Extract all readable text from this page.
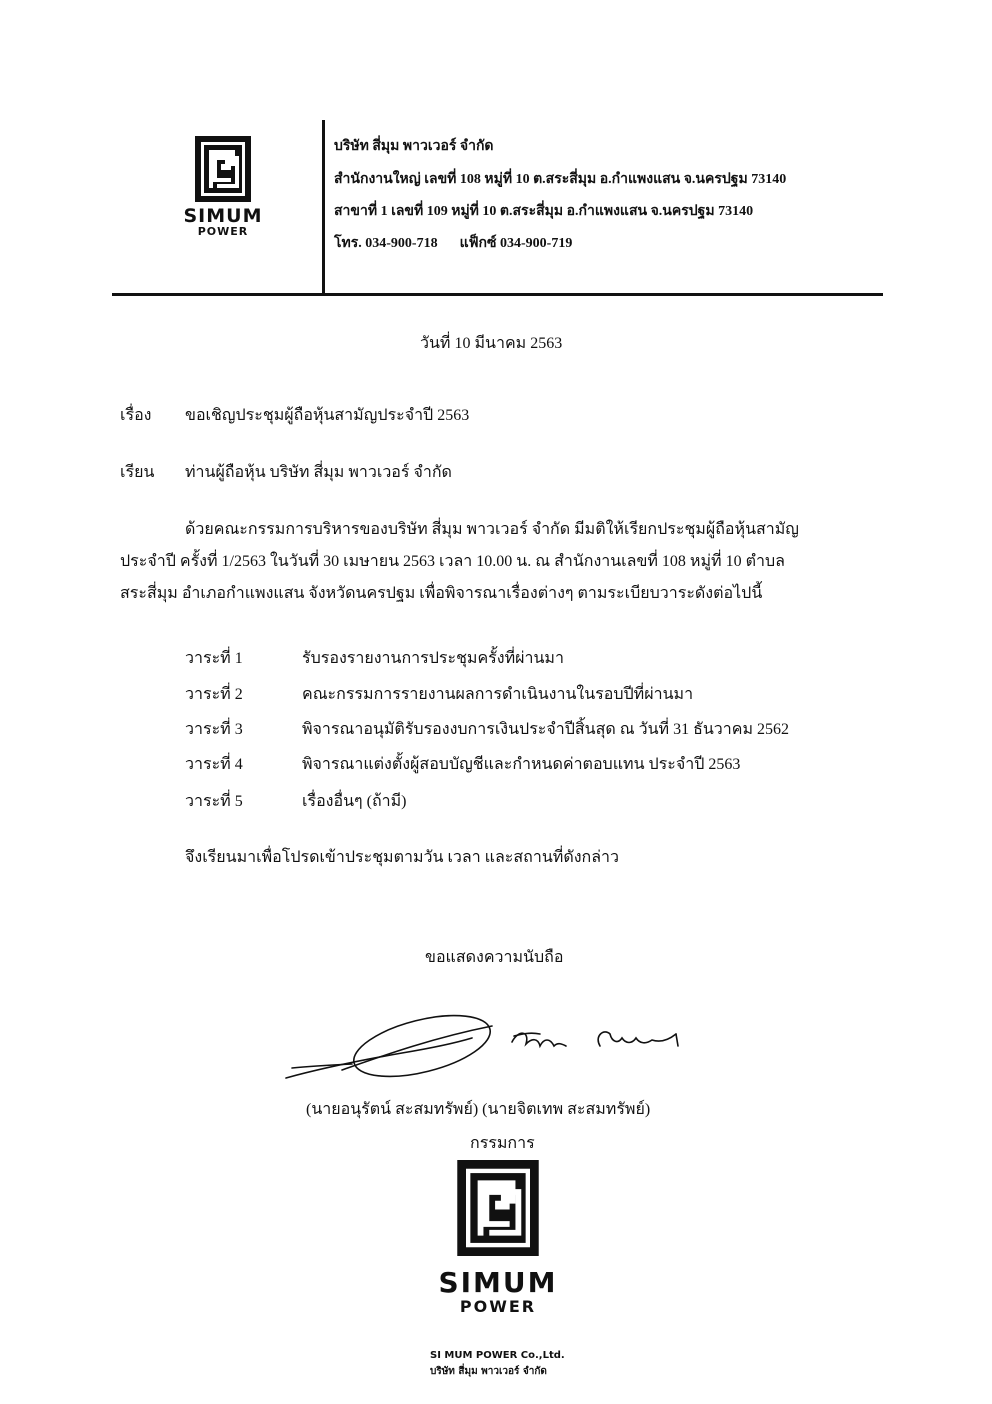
SIMUM
POWER
บริษัท สี่มุม พาวเวอร์ จำกัด
สำนักงานใหญ่ เลขที่ 108 หมู่ที่ 10 ต.สระสี่มุม อ.กำแพงแสน จ.นครปฐม 73140
สาขาที่ 1 เลขที่ 109 หมู่ที่ 10 ต.สระสี่มุม อ.กำแพงแสน จ.นครปฐม 73140
โทร. 034-900-718 แฟ็กซ์ 034-900-719
วันที่ 10 มีนาคม 2563
เรื่อง ขอเชิญประชุมผู้ถือหุ้นสามัญประจำปี 2563
เรียน ท่านผู้ถือหุ้น บริษัท สี่มุม พาวเวอร์ จำกัด
ด้วยคณะกรรมการบริหารของบริษัท สี่มุม พาวเวอร์ จำกัด มีมติให้เรียกประชุมผู้ถือหุ้นสามัญ
ประจำปี ครั้งที่ 1/2563 ในวันที่ 30 เมษายน 2563 เวลา 10.00 น. ณ สำนักงานเลขที่ 108 หมู่ที่ 10 ตำบล
สระสี่มุม อำเภอกำแพงแสน จังหวัดนครปฐม เพื่อพิจารณาเรื่องต่างๆ ตามระเบียบวาระดังต่อไปนี้
วาระที่ 1	รับรองรายงานการประชุมครั้งที่ผ่านมา
วาระที่ 2	คณะกรรมการรายงานผลการดำเนินงานในรอบปีที่ผ่านมา
วาระที่ 3	พิจารณาอนุมัติรับรองงบการเงินประจำปีสิ้นสุด ณ วันที่ 31 ธันวาคม 2562
วาระที่ 4	พิจารณาแต่งตั้งผู้สอบบัญชีและกำหนดค่าตอบแทน ประจำปี 2563
วาระที่ 5	เรื่องอื่นๆ (ถ้ามี)
จึงเรียนมาเพื่อโปรดเข้าประชุมตามวัน เวลา และสถานที่ดังกล่าว
ขอแสดงความนับถือ
(นายอนุรัตน์ สะสมทรัพย์) (นายจิตเทพ สะสมทรัพย์)
กรรมการ
SIMUM
POWER
SI MUM POWER Co.,Ltd.
บริษัท สี่มุม พาวเวอร์ จำกัด
